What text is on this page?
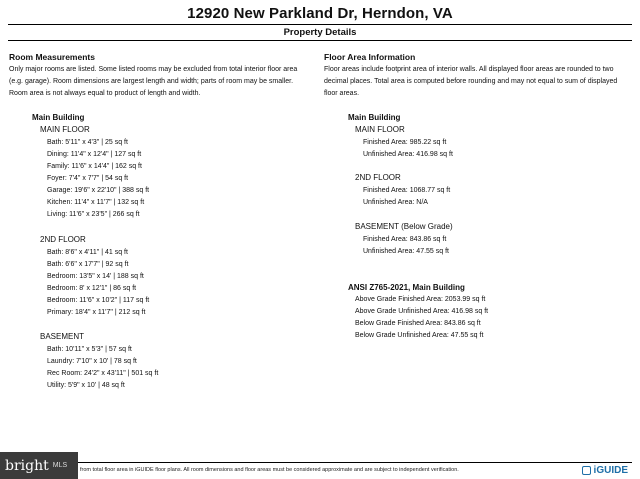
12920 New Parkland Dr, Herndon, VA
Property Details
Room Measurements
Only major rooms are listed. Some listed rooms may be excluded from total interior floor area
(e.g. garage). Room dimensions are largest length and width; parts of room may be smaller.
Room area is not always equal to product of length and width.
Floor Area Information
Floor areas include footprint area of interior walls. All displayed floor areas are rounded to two
decimal places. Total area is computed before rounding and may not equal to sum of displayed
floor areas.
Main Building
MAIN FLOOR
Bath: 5'11" x 4'3" | 25 sq ft
Dining: 11'4" x 12'4" | 127 sq ft
Family: 11'6" x 14'4" | 162 sq ft
Foyer: 7'4" x 7'7" | 54 sq ft
Garage: 19'6" x 22'10" | 388 sq ft
Kitchen: 11'4" x 11'7" | 132 sq ft
Living: 11'6" x 23'5" | 266 sq ft
2ND FLOOR
Bath: 8'6" x 4'11" | 41 sq ft
Bath: 6'6" x 17'7" | 92 sq ft
Bedroom: 13'5" x 14' | 188 sq ft
Bedroom: 8' x 12'1" | 86 sq ft
Bedroom: 11'6" x 10'2" | 117 sq ft
Primary: 18'4" x 11'7" | 212 sq ft
BASEMENT
Bath: 10'11" x 5'3" | 57 sq ft
Laundry: 7'10" x 10' | 78 sq ft
Rec Room: 24'2" x 43'11" | 501 sq ft
Utility: 5'9" x 10' | 48 sq ft
Main Building
MAIN FLOOR
Finished Area: 985.22 sq ft
Unfinished Area: 416.98 sq ft
2ND FLOOR
Finished Area: 1068.77 sq ft
Unfinished Area: N/A
BASEMENT (Below Grade)
Finished Area: 843.86 sq ft
Unfinished Area: 47.55 sq ft
ANSI Z765-2021, Main Building
Above Grade Finished Area: 2053.99 sq ft
Above Grade Unfinished Area: 416.98 sq ft
Below Grade Finished Area: 843.86 sq ft
Below Grade Unfinished Area: 47.55 sq ft
from total floor area in iGUIDE floor plans. All room dimensions and floor areas must be considered approximate and are subject to independent verification.
bright MLS	iGUIDE
